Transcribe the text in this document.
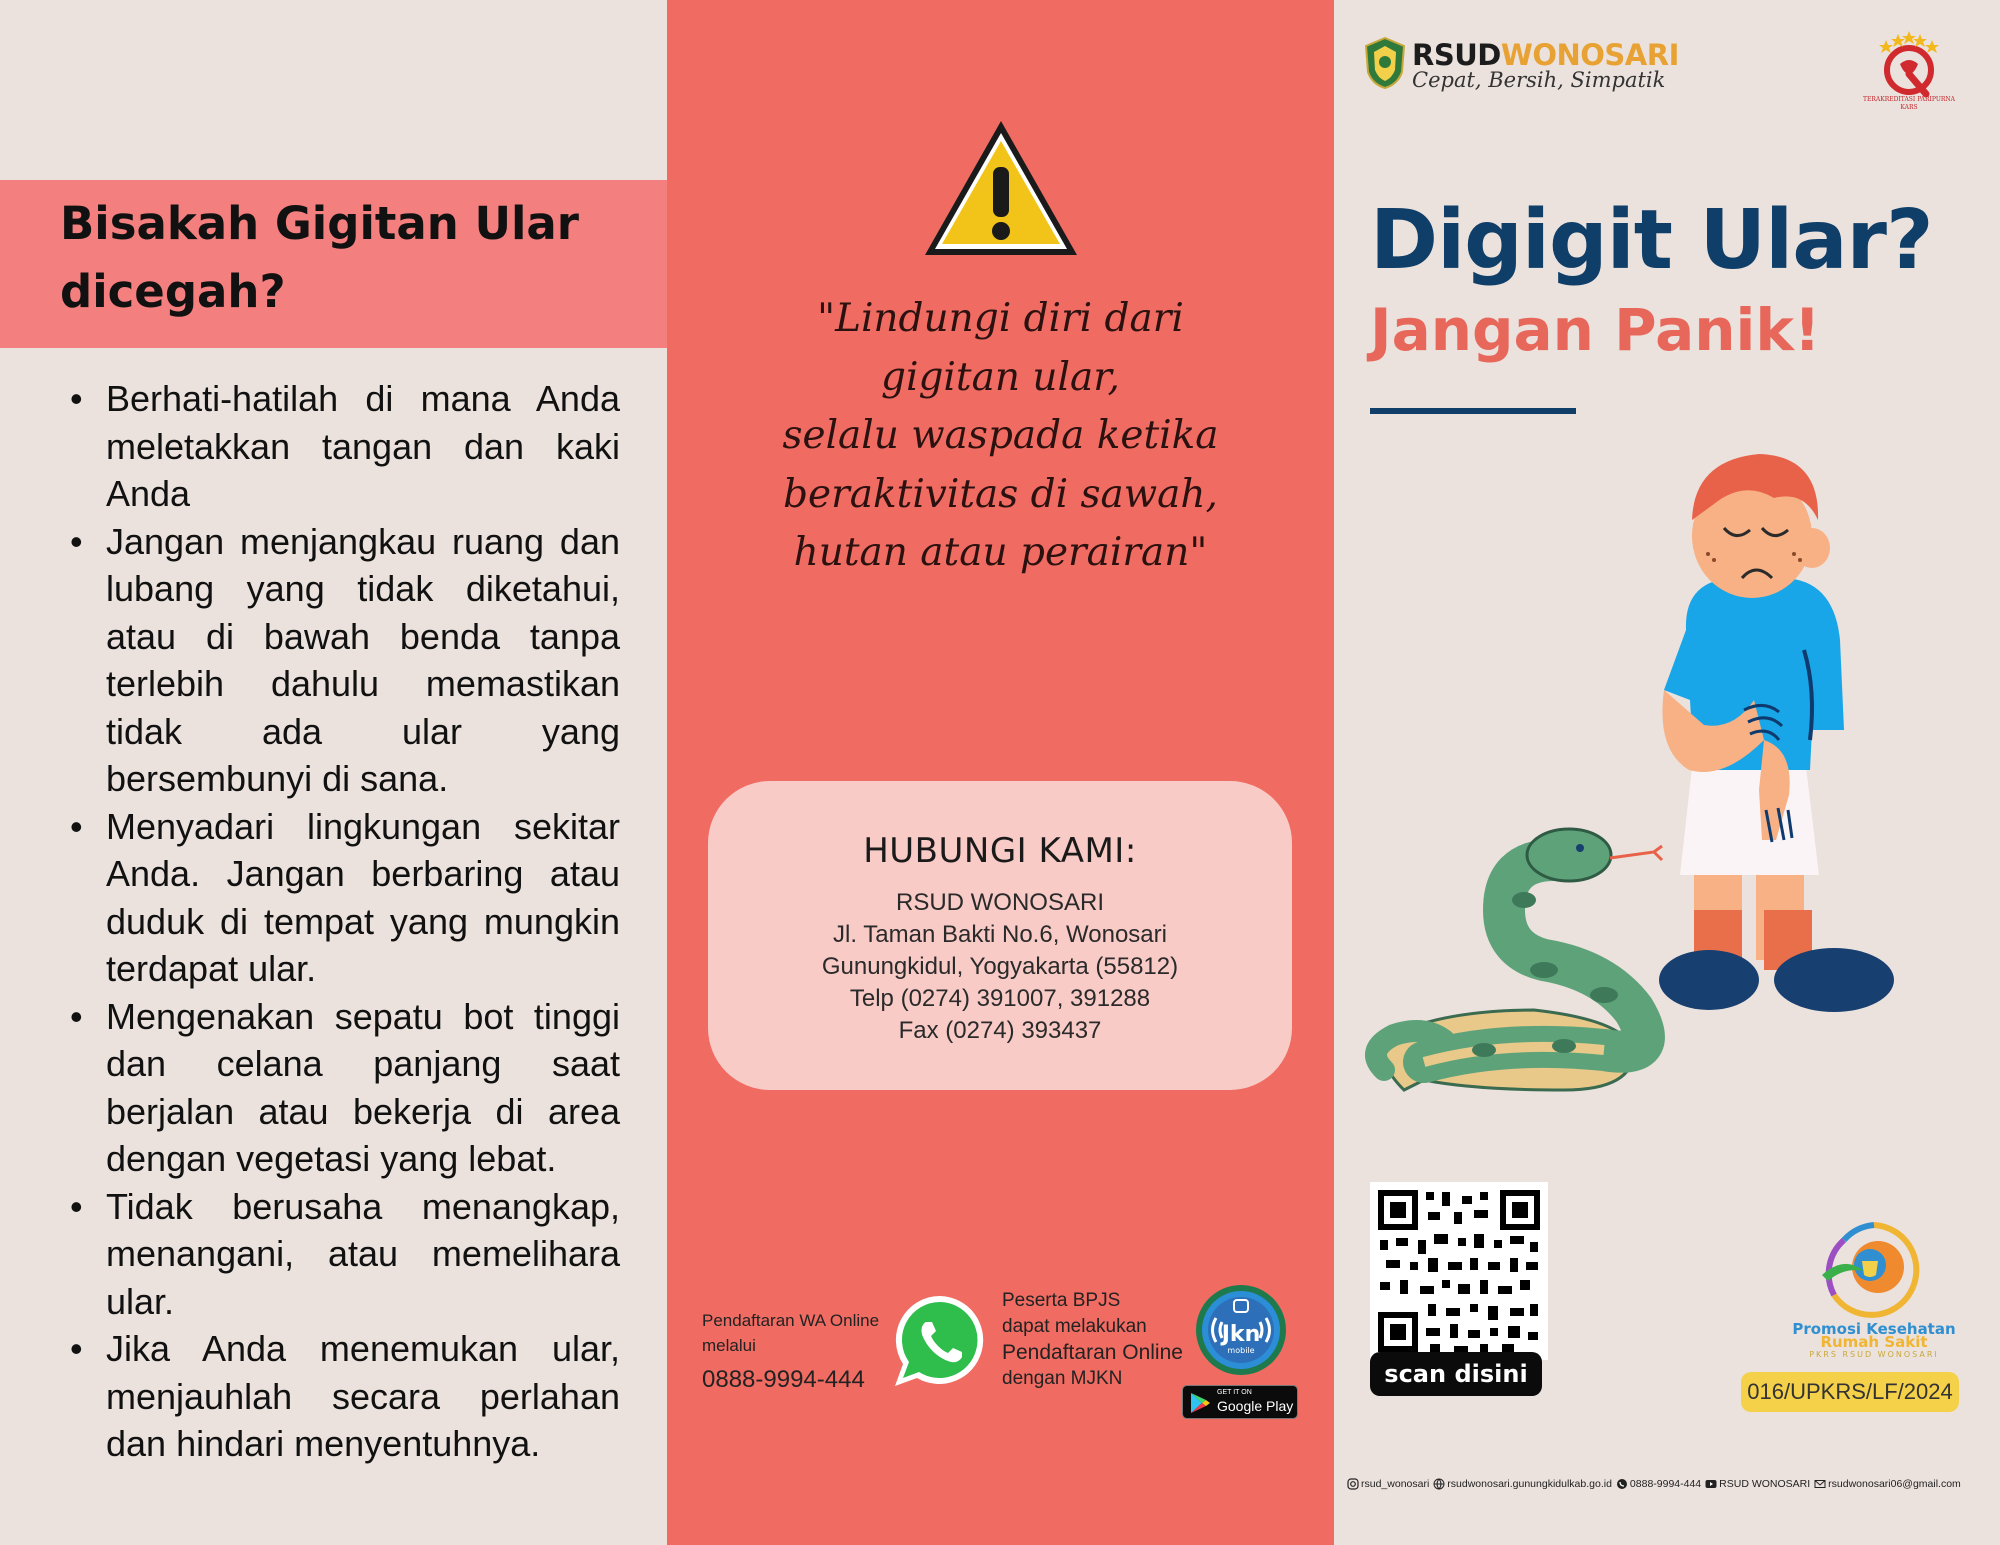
Bisakah Gigitan Ular dicegah?
• Berhati-hatilah di mana Anda meletakkan tangan dan kaki Anda
• Jangan menjangkau ruang dan lubang yang tidak diketahui, atau di bawah benda tanpa terlebih dahulu memastikan tidak ada ular yang bersembunyi di sana.
• Menyadari lingkungan sekitar Anda. Jangan berbaring atau duduk di tempat yang mungkin terdapat ular.
• Mengenakan sepatu bot tinggi dan celana panjang saat berjalan atau bekerja di area dengan vegetasi yang lebat.
• Tidak berusaha menangkap, menangani, atau memelihara ular.
• Jika Anda menemukan ular, menjauhlah secara perlahan dan hindari menyentuhnya.
"Lindungi diri dari
gigitan ular,
selalu waspada ketika
beraktivitas di sawah,
hutan atau perairan"
HUBUNGI KAMI:
RSUD WONOSARI
Jl. Taman Bakti No.6, Wonosari
Gunungkidul, Yogyakarta (55812)
Telp (0274) 391007, 391288
Fax (0274) 393437
Pendaftaran WA Online
melalui
0888-9994-444
Peserta BPJS
dapat melakukan
Pendaftaran Online
dengan MJKN
Jkn
mobile
GET IT ON
Google Play
RSUDWONOSARI
Cepat, Bersih, Simpatik
TERAKREDITASI PARIPURNA KARS
Digigit Ular?
Jangan Panik!
scan disini
Promosi Kesehatan
Rumah Sakit
PKRS RSUD WONOSARI
016/UPKRS/LF/2024
rsud_wonosari rsudwonosari.gunungkidulkab.go.id 0888-9994-444 RSUD WONOSARI rsudwonosari06@gmail.com
